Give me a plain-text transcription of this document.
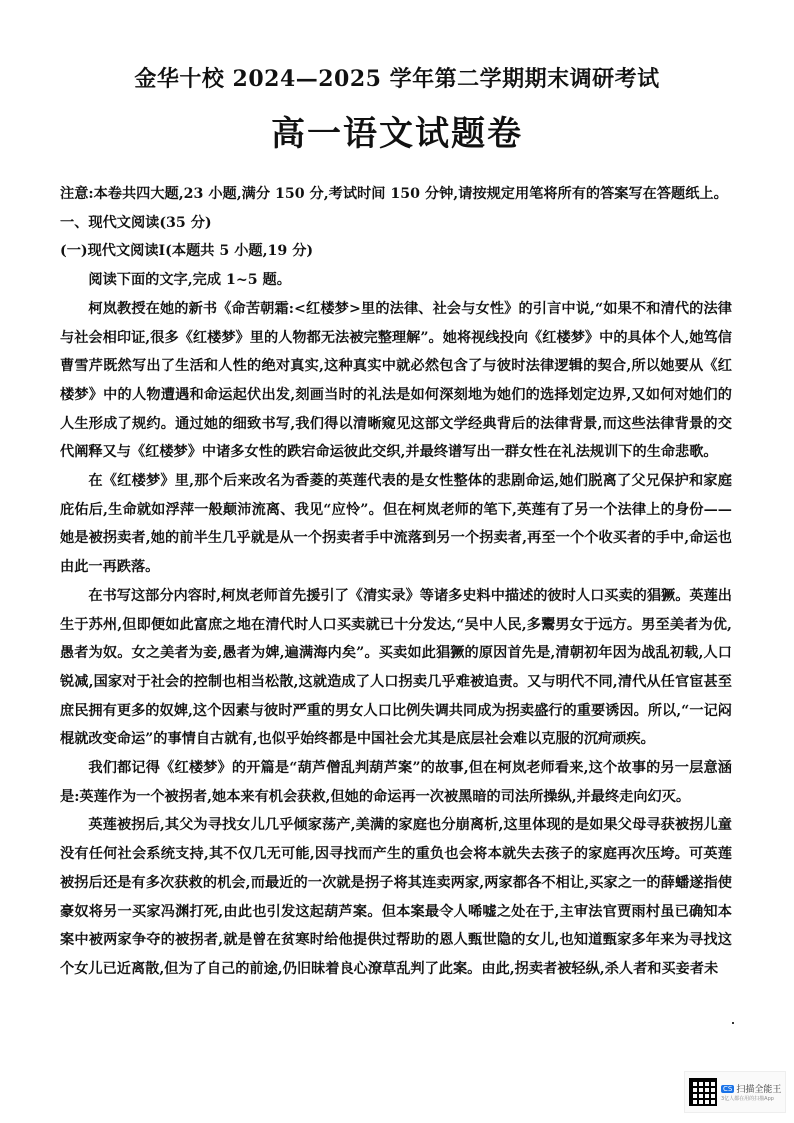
金华十校 2024—2025 学年第二学期期末调研考试
高一语文试题卷

注意:本卷共四大题,23 小题,满分 150 分,考试时间 150 分钟,请按规定用笔将所有的答案写在答题纸上。

一、现代文阅读(35 分)

(一)现代文阅读Ⅰ(本题共 5 小题,19 分)

阅读下面的文字,完成 1~5 题。

柯岚教授在她的新书《命苦朝霜:<红楼梦>里的法律、社会与女性》的引言中说,“如果不和清代的法律与社会相印证,很多《红楼梦》里的人物都无法被完整理解”。她将视线投向《红楼梦》中的具体个人,她笃信曹雪芹既然写出了生活和人性的绝对真实,这种真实中就必然包含了与彼时法律逻辑的契合,所以她要从《红楼梦》中的人物遭遇和命运起伏出发,刻画当时的礼法是如何深刻地为她们的选择划定边界,又如何对她们的人生形成了规约。通过她的细致书写,我们得以清晰窥见这部文学经典背后的法律背景,而这些法律背景的交代阐释又与《红楼梦》中诸多女性的跌宕命运彼此交织,并最终谱写出一群女性在礼法规训下的生命悲歌。

在《红楼梦》里,那个后来改名为香菱的英莲代表的是女性整体的悲剧命运,她们脱离了父兄保护和家庭庇佑后,生命就如浮萍一般颠沛流离、我见“应怜”。但在柯岚老师的笔下,英莲有了另一个法律上的身份——她是被拐卖者,她的前半生几乎就是从一个拐卖者手中流落到另一个拐卖者,再至一个个收买者的手中,命运也由此一再跌落。

在书写这部分内容时,柯岚老师首先援引了《清实录》等诸多史料中描述的彼时人口买卖的猖獗。英莲出生于苏州,但即便如此富庶之地在清代时人口买卖就已十分发达,“吴中人民,多鬻男女于远方。男至美者为优,愚者为奴。女之美者为妾,愚者为婢,遍满海内矣”。买卖如此猖獗的原因首先是,清朝初年因为战乱初载,人口锐减,国家对于社会的控制也相当松散,这就造成了人口拐卖几乎难被追责。又与明代不同,清代从任官宦甚至庶民拥有更多的奴婢,这个因素与彼时严重的男女人口比例失调共同成为拐卖盛行的重要诱因。所以,“一记闷棍就改变命运”的事情自古就有,也似乎始终都是中国社会尤其是底层社会难以克服的沉疴顽疾。

我们都记得《红楼梦》的开篇是“葫芦僧乱判葫芦案”的故事,但在柯岚老师看来,这个故事的另一层意涵是:英莲作为一个被拐者,她本来有机会获救,但她的命运再一次被黑暗的司法所操纵,并最终走向幻灭。

英莲被拐后,其父为寻找女儿几乎倾家荡产,美满的家庭也分崩离析,这里体现的是如果父母寻获被拐儿童没有任何社会系统支持,其不仅几无可能,因寻找而产生的重负也会将本就失去孩子的家庭再次压垮。可英莲被拐后还是有多次获救的机会,而最近的一次就是拐子将其连卖两家,两家都各不相让,买家之一的薛蟠遂指使豪奴将另一买家冯渊打死,由此也引发这起葫芦案。但本案最令人唏嘘之处在于,主审法官贾雨村虽已确知本案中被两家争夺的被拐者,就是曾在贫寒时给他提供过帮助的恩人甄世隐的女儿,也知道甄家多年来为寻找这个女儿已近离散,但为了自己的前途,仍旧昧着良心潦草乱判了此案。由此,拐卖者被轻纵,杀人者和买妾者未

CS 扫描全能王
3亿人都在用的扫描App
